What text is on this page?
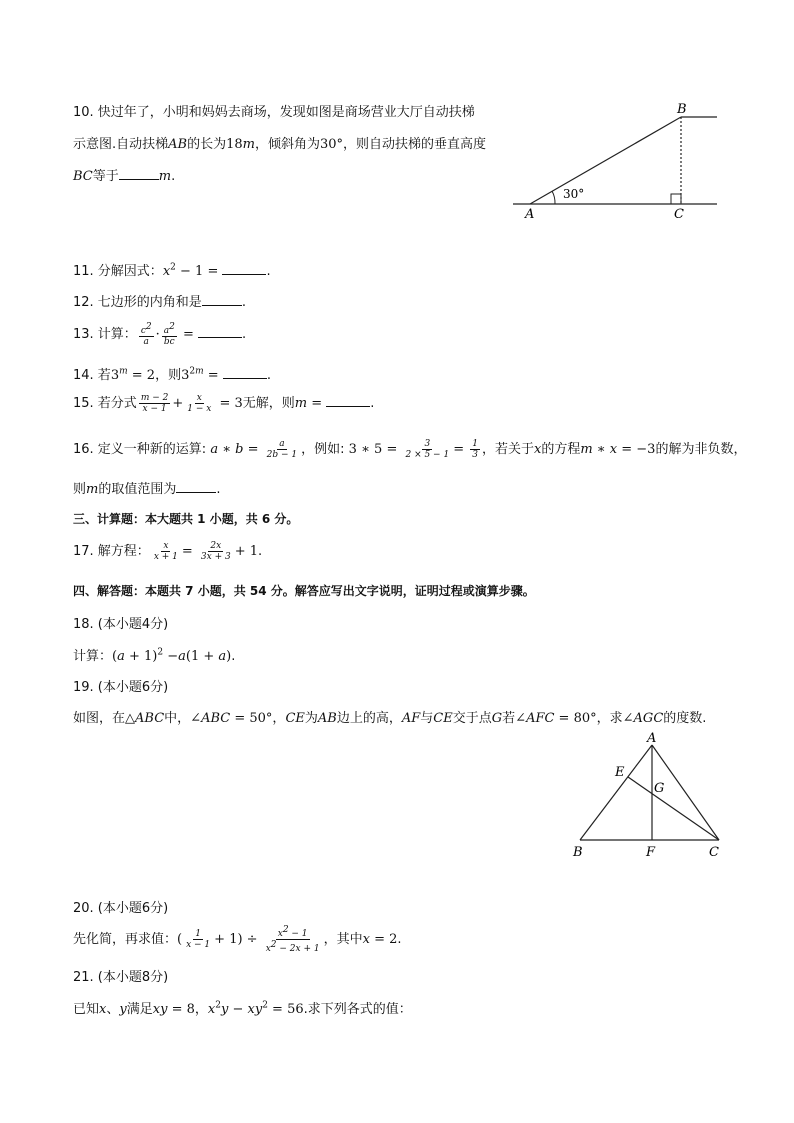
10. 快过年了，小明和妈妈去商场，发现如图是商场营业大厅自动扶梯
示意图.自动扶梯AB的长为18m，倾斜角为30°，则自动扶梯的垂直高度
BC等于	m.
B
A	C
30°
11. 分解因式：$x^2 - 1$ =	.
12. 七边形的内角和是	.
13. 计算： $\frac{c^2}{a} \cdot \frac{a^2}{bc}$ =	.
14. 若$3^m = 2$，则$3^{2m}$ =	.
15. 若分式 $\frac{m - 2}{x - 1} + \frac{x}{1 - x} = 3$无解，则m =	.
16. 定义一种新的运算: a ∗ $b = \frac{a}{2b - 1}$ ，例如: 3 ∗ $5 = \frac{3}{2 \times 5 - 1} = \frac{1}{3}$ ，若关于x的方程m ∗ x = −3的解为非负数，
则m的取值范围为	.
三、计算题：本大题共 1 小题，共 6 分。
17. 解方程： $\frac{x}{x + 1} = \frac{2x}{3x + 3} + 1$.
四、解答题：本题共 7 小题，共 54 分。解答应写出文字说明，证明过程或演算步骤。
18. (本小题4分)
计算：$(a + 1)^2 -a(1 + a)$.
19. (本小题6分)
如图，在△ABC中，∠ABC = 50°，CE为AB边上的高，AF与CE交于点G若∠AFC = 80°，求∠AGC的度数.
A
E
G
B	F	C
20. (本小题6分)
先化简，再求值：( $\frac{1}{x - 1} + 1) \div \frac{x^2 - 1}{x^2 - 2x + 1}$ ，其中x = 2.
21. (本小题8分)
已知x、y满足xy = 8，$x^2y - xy^2 = 56$.求下列各式的值：
